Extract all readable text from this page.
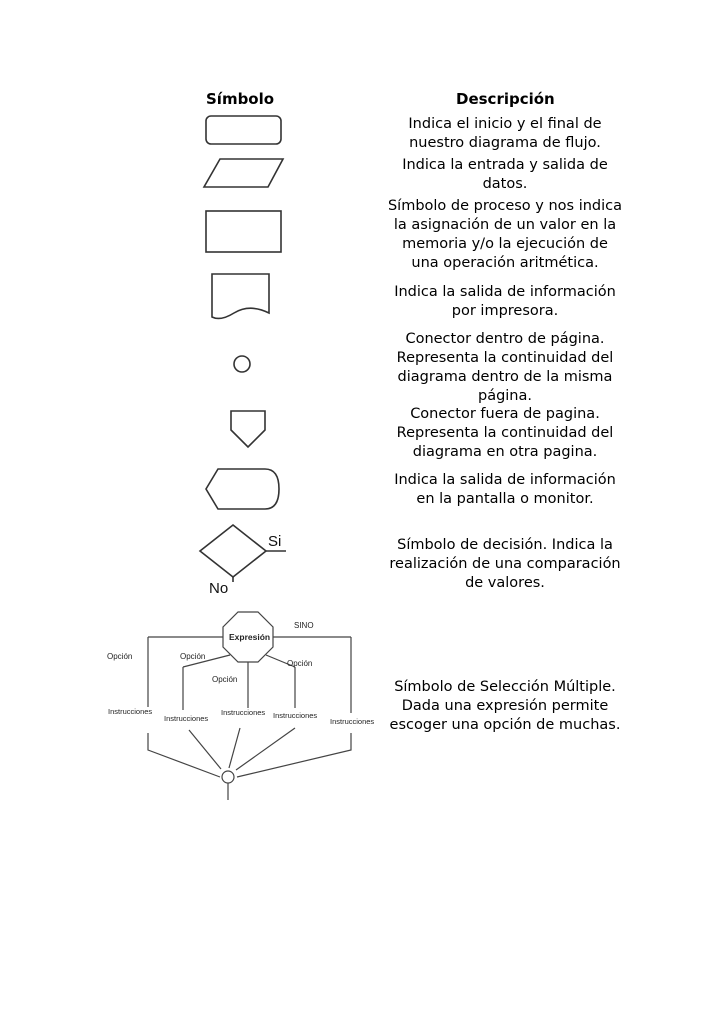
Símbolo	Descripción
Indica el inicio y el final de
nuestro diagrama de flujo.
Indica la entrada y salida de
datos.
Símbolo de proceso y nos indica
la asignación de un valor en la
memoria y/o la ejecución de
una operación aritmética.
Indica la salida de información
por impresora.
Conector dentro de página.
Representa la continuidad del
diagrama dentro de la misma
página.
Conector fuera de pagina.
Representa la continuidad del
diagrama en otra pagina.
Indica la salida de información
en la pantalla o monitor.
Símbolo de decisión. Indica la
realización de una comparación
de valores.
Símbolo de Selección Múltiple.
Dada una expresión permite
escoger una opción de muchas.
Si
No
Expresión
SINO
Opción	Opción
Opción
Opción
Instrucciones
Instrucciones
Instrucciones Instrucciones
Instrucciones
